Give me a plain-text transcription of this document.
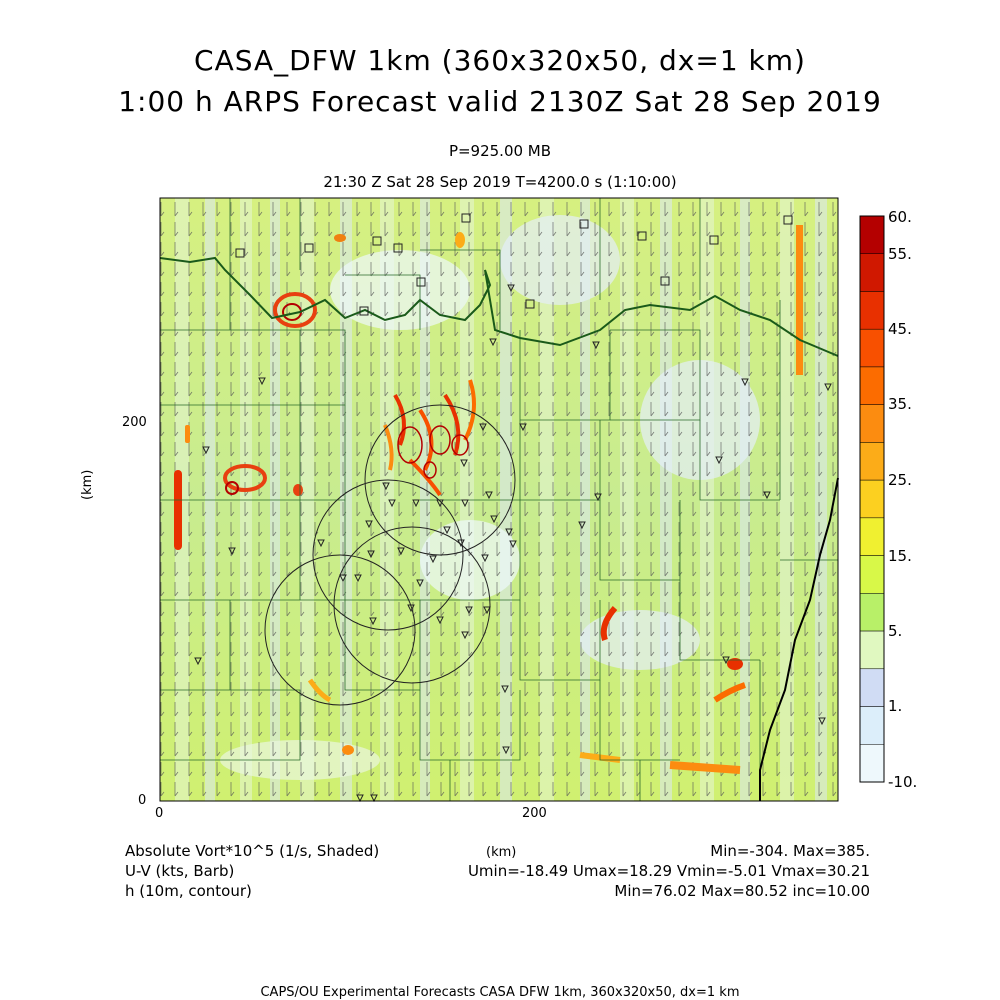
CASA_DFW 1km (360x320x50, dx=1 km)
1:00 h ARPS Forecast valid 2130Z Sat 28 Sep 2019
P=925.00 MB
21:30 Z Sat 28 Sep 2019 T=4200.0 s (1:10:00)
200
0
0	200
(km)
60.
55.
45.
35.
25.
15.
5.
1.
-10.
Absolute Vort*10^5 (1/s, Shaded)
U-V (kts, Barb)
h (10m, contour)
(km)	Min=-304. Max=385.
Umin=-18.49 Umax=18.29 Vmin=-5.01 Vmax=30.21
Min=76.02 Max=80.52 inc=10.00
CAPS/OU Experimental Forecasts CASA DFW 1km, 360x320x50, dx=1 km
